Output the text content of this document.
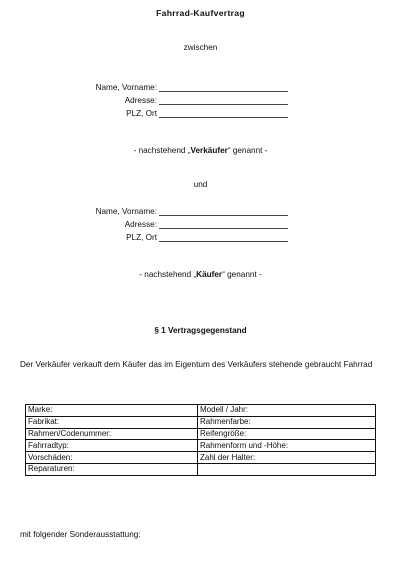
Fahrrad-Kaufvertrag
zwischen
Name, Vorname:
Adresse:
PLZ, Ort
- nachstehend „Verkäufer“ genannt -
und
Name, Vorname:
Adresse:
PLZ, Ort
- nachstehend „Käufer“ genannt -
§ 1 Vertragsgegenstand
Der Verkäufer verkauft dem Käufer das im Eigentum des Verkäufers stehende gebraucht Fahrrad
Marke:	Modell / Jahr:
Fabrikat:	Rahmenfarbe:
Rahmen/Codenummer:	Reifengröße:
Fahrradtyp:	Rahmenform und -Höhe:
Vorschäden:	Zahl der Halter:
Reparaturen:	
mit folgender Sonderausstattung:
